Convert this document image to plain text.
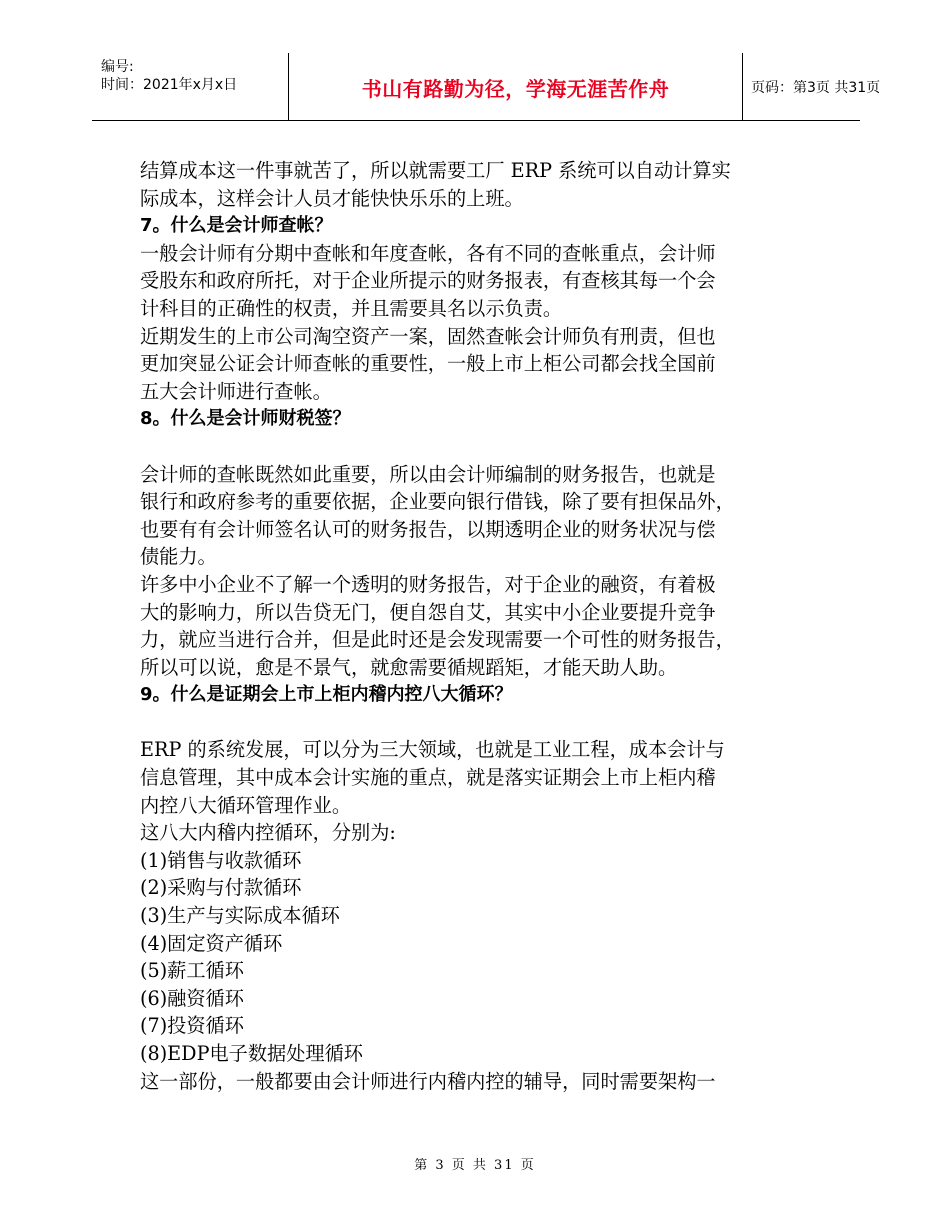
编号:
时间：2021年x月x日	书山有路勤为径，学海无涯苦作舟	页码：第3页 共31页
结算成本这一件事就苦了，所以就需要工厂 ERP 系统可以自动计算实
际成本，这样会计人员才能快快乐乐的上班。
7。什么是会计师查帐？
一般会计师有分期中查帐和年度查帐，各有不同的查帐重点，会计师
受股东和政府所托，对于企业所提示的财务报表，有查核其每一个会
计科目的正确性的权责，并且需要具名以示负责。
近期发生的上市公司淘空资产一案，固然查帐会计师负有刑责，但也
更加突显公证会计师查帐的重要性，一般上市上柜公司都会找全国前
五大会计师进行查帐。
8。什么是会计师财税签？
会计师的查帐既然如此重要，所以由会计师编制的财务报告，也就是
银行和政府参考的重要依据，企业要向银行借钱，除了要有担保品外，
也要有有会计师签名认可的财务报告，以期透明企业的财务状况与偿
债能力。
许多中小企业不了解一个透明的财务报告，对于企业的融资，有着极
大的影响力，所以告贷无门，便自怨自艾，其实中小企业要提升竞争
力，就应当进行合并，但是此时还是会发现需要一个可性的财务报告，
所以可以说，愈是不景气，就愈需要循规蹈矩，才能天助人助。
9。什么是证期会上市上柜内稽内控八大循环？
ERP 的系统发展，可以分为三大领域，也就是工业工程，成本会计与
信息管理，其中成本会计实施的重点，就是落实证期会上市上柜内稽
内控八大循环管理作业。
这八大内稽内控循环，分别为:
(1)销售与收款循环
(2)采购与付款循环
(3)生产与实际成本循环
(4)固定资产循环
(5)薪工循环
(6)融资循环
(7)投资循环
(8)EDP电子数据处理循环
这一部份，一般都要由会计师进行内稽内控的辅导，同时需要架构一
第 3 页 共 31 页
